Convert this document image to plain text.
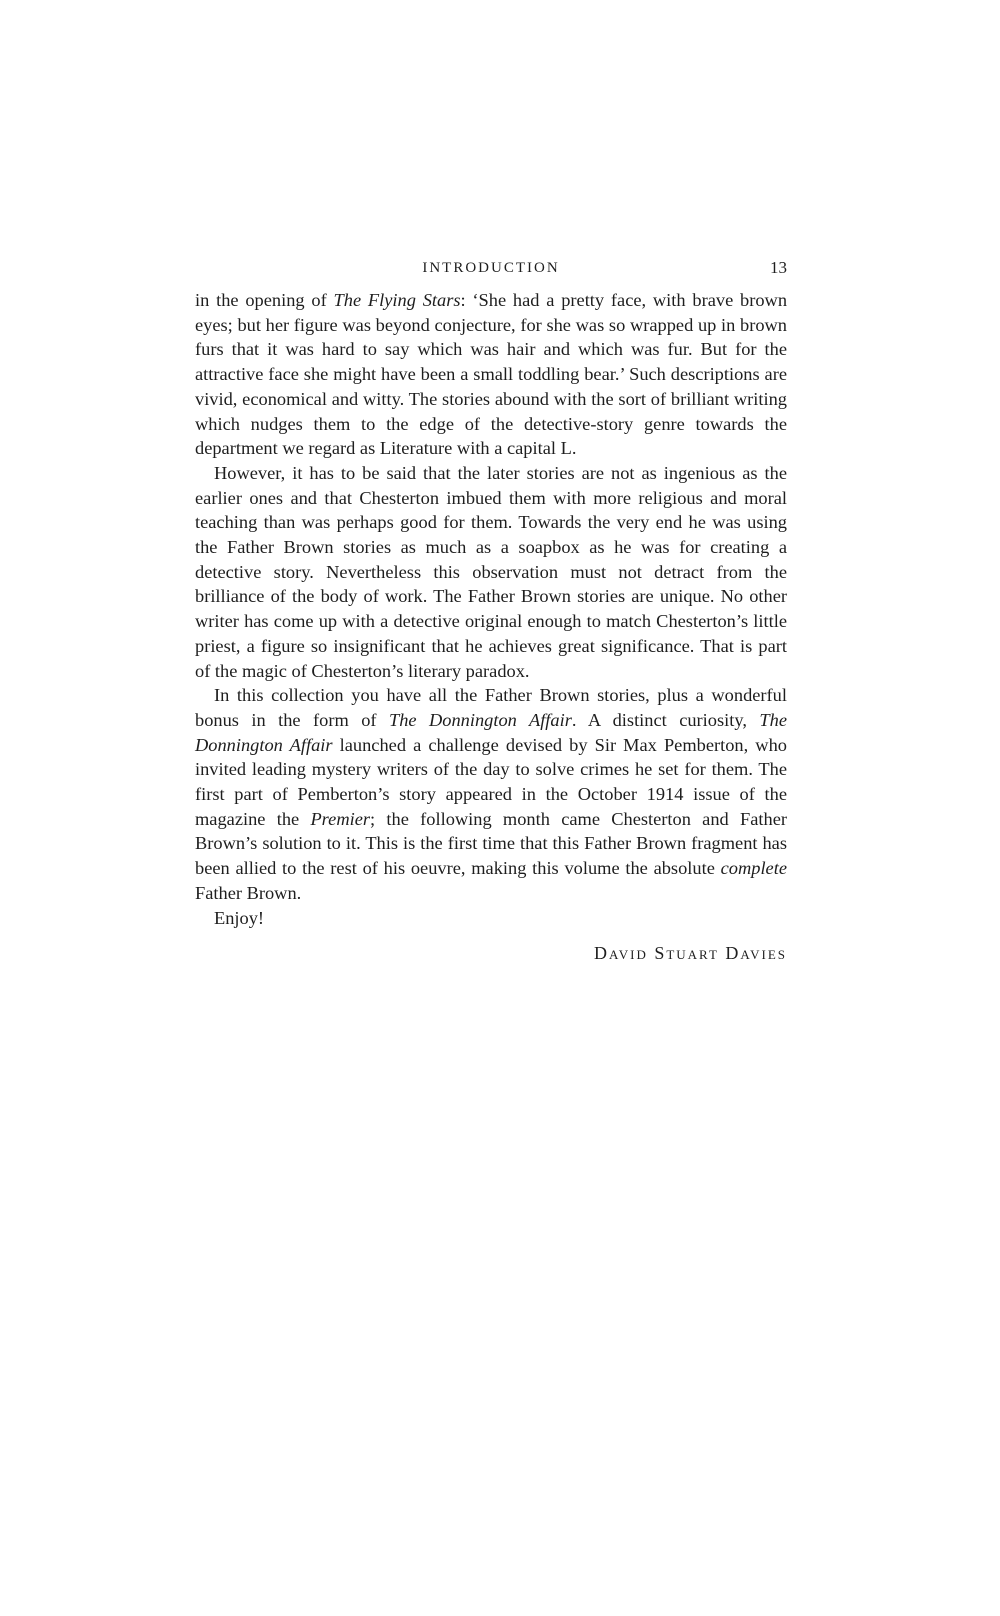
INTRODUCTION	13

in the opening of The Flying Stars: ‘She had a pretty face, with brave brown eyes; but her figure was beyond conjecture, for she was so wrapped up in brown furs that it was hard to say which was hair and which was fur. But for the attractive face she might have been a small toddling bear.’ Such descriptions are vivid, economical and witty. The stories abound with the sort of brilliant writing which nudges them to the edge of the detective-story genre towards the department we regard as Literature with a capital L.

However, it has to be said that the later stories are not as ingenious as the earlier ones and that Chesterton imbued them with more religious and moral teaching than was perhaps good for them. Towards the very end he was using the Father Brown stories as much as a soapbox as he was for creating a detective story. Nevertheless this observation must not detract from the brilliance of the body of work. The Father Brown stories are unique. No other writer has come up with a detective original enough to match Chesterton’s little priest, a figure so insignificant that he achieves great significance. That is part of the magic of Chesterton’s literary paradox.

In this collection you have all the Father Brown stories, plus a wonderful bonus in the form of The Donnington Affair. A distinct curiosity, The Donnington Affair launched a challenge devised by Sir Max Pemberton, who invited leading mystery writers of the day to solve crimes he set for them. The first part of Pemberton’s story appeared in the October 1914 issue of the magazine the Premier; the following month came Chesterton and Father Brown’s solution to it. This is the first time that this Father Brown fragment has been allied to the rest of his oeuvre, making this volume the absolute complete Father Brown.

Enjoy!

David Stuart Davies
